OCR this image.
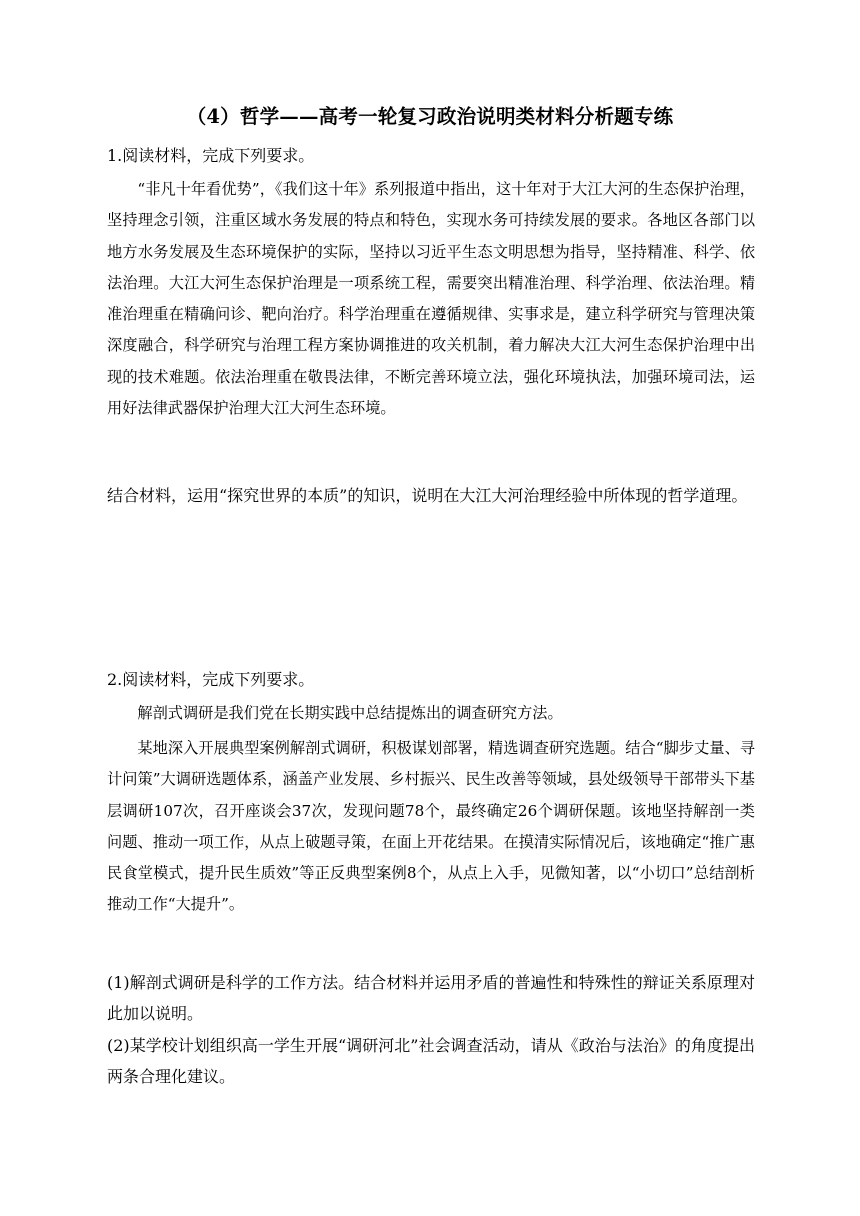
（4）哲学——高考一轮复习政治说明类材料分析题专练
1.阅读材料，完成下列要求。
“非凡十年看优势”，《我们这十年》系列报道中指出，这十年对于大江大河的生态保护治理，坚持理念引领，注重区域水务发展的特点和特色，实现水务可持续发展的要求。各地区各部门以地方水务发展及生态环境保护的实际，坚持以习近平生态文明思想为指导，坚持精准、科学、依法治理。大江大河生态保护治理是一项系统工程，需要突出精准治理、科学治理、依法治理。精准治理重在精确问诊、靶向治疗。科学治理重在遵循规律、实事求是，建立科学研究与管理决策深度融合，科学研究与治理工程方案协调推进的攻关机制，着力解决大江大河生态保护治理中出现的技术难题。依法治理重在敬畏法律，不断完善环境立法，强化环境执法，加强环境司法，运用好法律武器保护治理大江大河生态环境。
结合材料，运用“探究世界的本质”的知识，说明在大江大河治理经验中所体现的哲学道理。
2.阅读材料，完成下列要求。
解剖式调研是我们党在长期实践中总结提炼出的调查研究方法。
某地深入开展典型案例解剖式调研，积极谋划部署，精选调查研究选题。结合“脚步丈量、寻计问策”大调研选题体系，涵盖产业发展、乡村振兴、民生改善等领域，县处级领导干部带头下基层调研107次，召开座谈会37次，发现问题78个，最终确定26个调研保题。该地坚持解剖一类问题、推动一项工作，从点上破题寻策，在面上开花结果。在摸清实际情况后，该地确定“推广惠民食堂模式，提升民生质效”等正反典型案例8个，从点上入手，见微知著，以“小切口”总结剖析推动工作“大提升”。
(1)解剖式调研是科学的工作方法。结合材料并运用矛盾的普遍性和特殊性的辩证关系原理对此加以说明。
(2)某学校计划组织高一学生开展“调研河北”社会调查活动，请从《政治与法治》的角度提出两条合理化建议。
